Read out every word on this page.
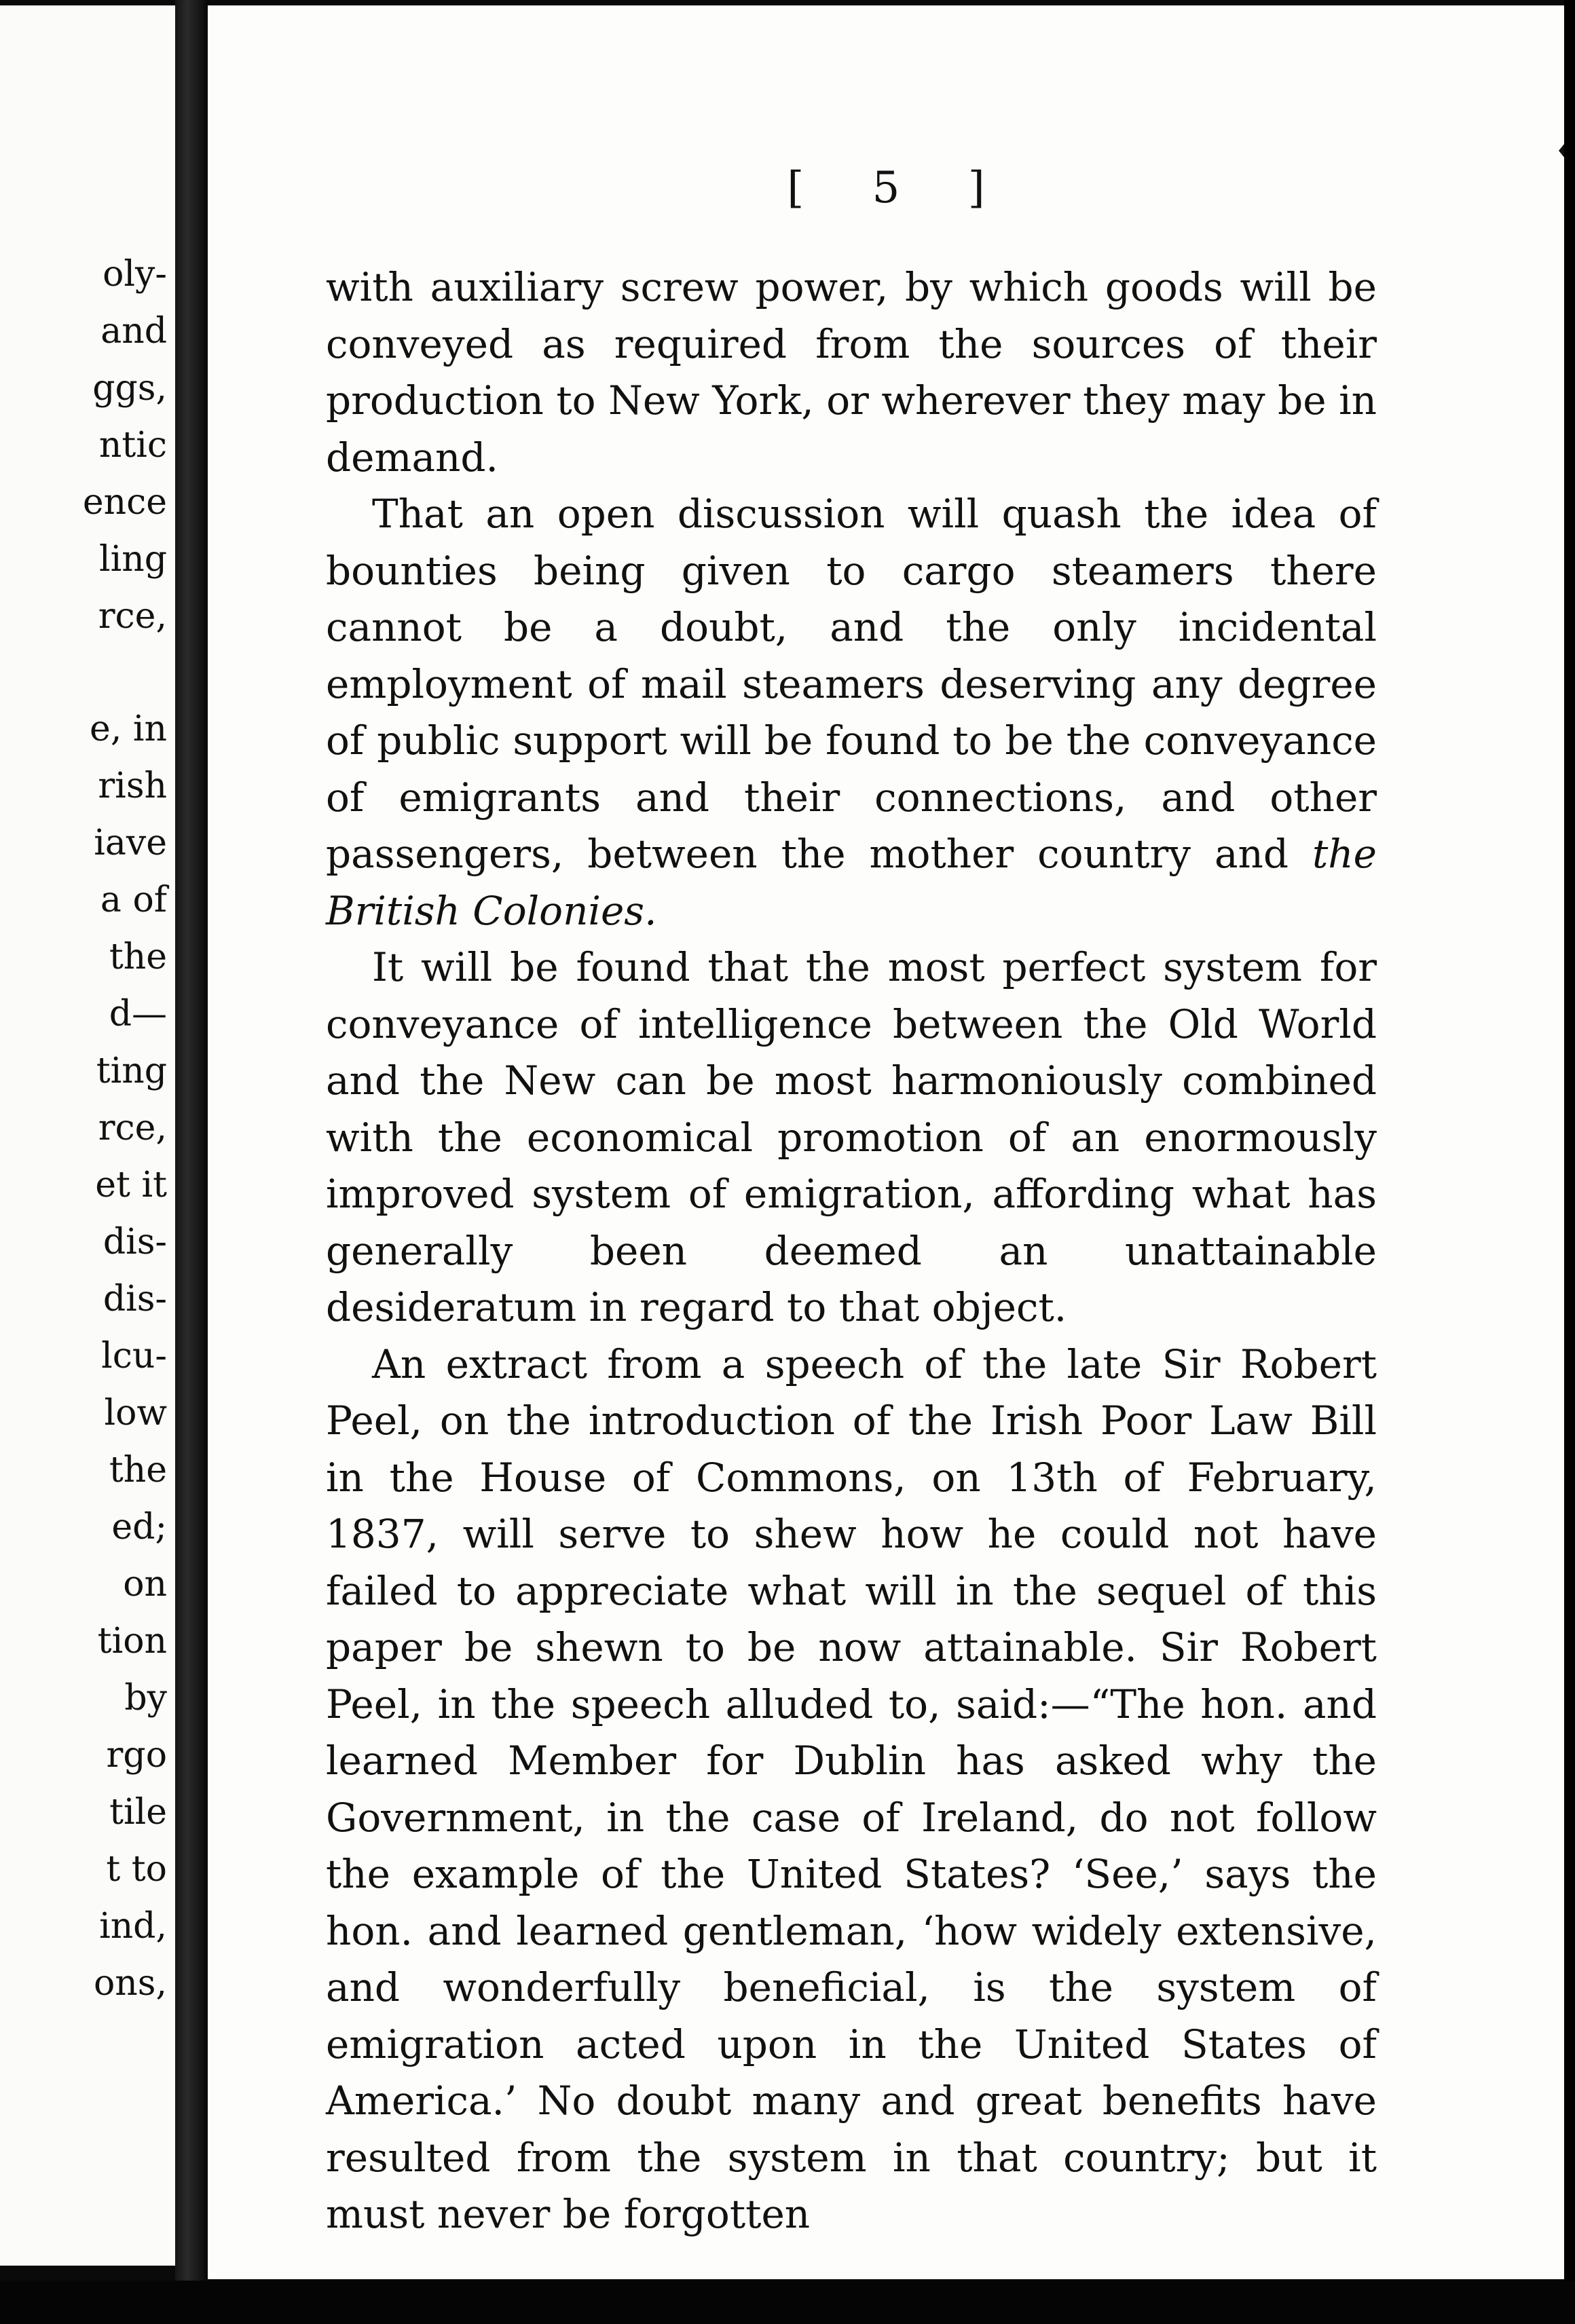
oly-
and
ggs,
ntic
ence
ling
rce,
e, in
rish
iave
a of
the
d—
ting
rce,
et it
dis-
dis-
lcu-
low
the
ed;
on
tion
by
rgo
tile
t to
ind,
ons,
[ 5 ]

with auxiliary screw power, by which goods will be conveyed as required from the sources of their production to New York, or wherever they may be in demand.

That an open discussion will quash the idea of bounties being given to cargo steamers there cannot be a doubt, and the only incidental employment of mail steamers deserving any degree of public support will be found to be the conveyance of emigrants and their connections, and other passengers, between the mother country and the British Colonies.

It will be found that the most perfect system for conveyance of intelligence between the Old World and the New can be most harmoniously combined with the economical promotion of an enormously improved system of emigration, affording what has generally been deemed an unattainable desideratum in regard to that object.

An extract from a speech of the late Sir Robert Peel, on the introduction of the Irish Poor Law Bill in the House of Commons, on 13th of February, 1837, will serve to shew how he could not have failed to appreciate what will in the sequel of this paper be shewn to be now attainable. Sir Robert Peel, in the speech alluded to, said:—“The hon. and learned Member for Dublin has asked why the Government, in the case of Ireland, do not follow the example of the United States? ‘See,’ says the hon. and learned gentleman, ‘how widely extensive, and wonderfully beneficial, is the system of emigration acted upon in the United States of America.’ No doubt many and great benefits have resulted from the system in that country; but it must never be forgotten
